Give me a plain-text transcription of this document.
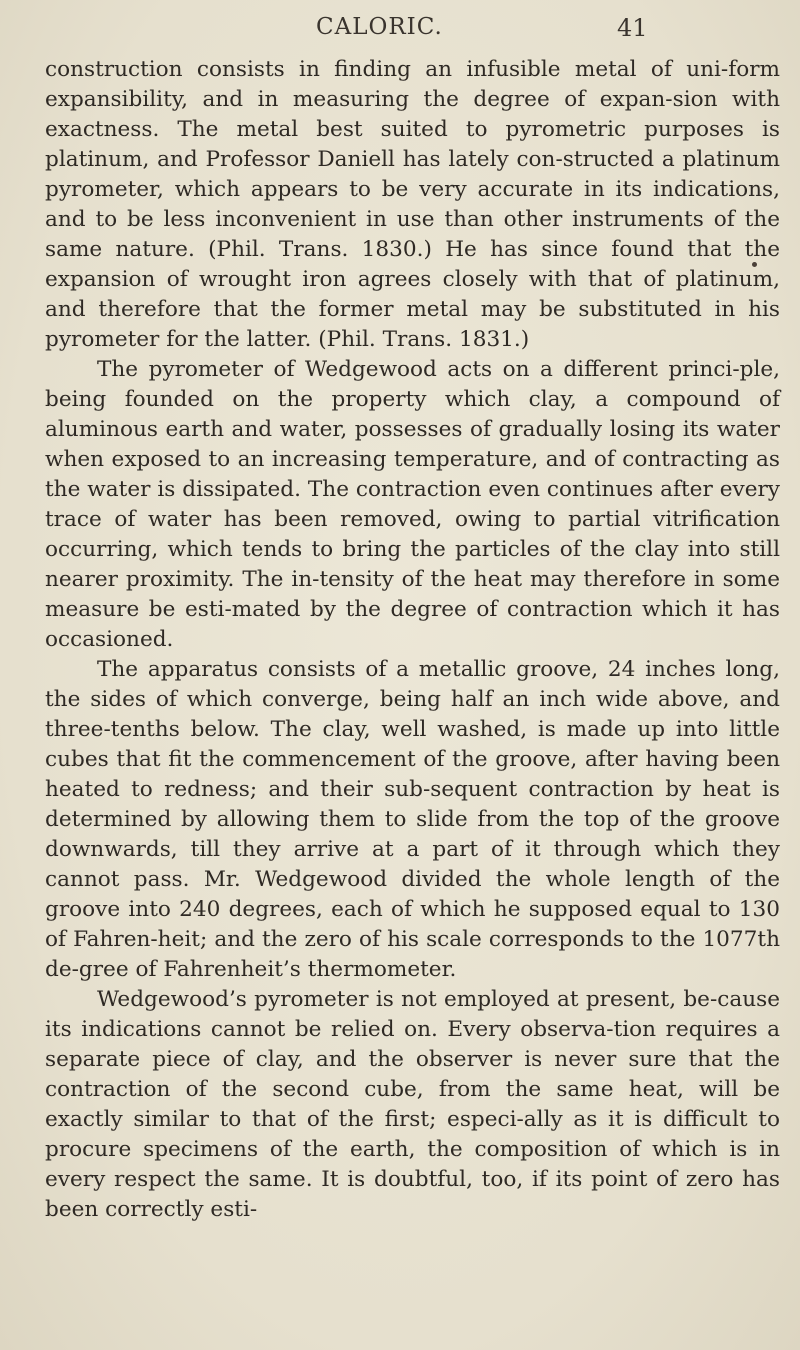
CALORIC.	41

construction consists in finding an infusible metal of uni-form expansibility, and in measuring the degree of expan-sion with exactness. The metal best suited to pyrometric purposes is platinum, and Professor Daniell has lately con-structed a platinum pyrometer, which appears to be very accurate in its indications, and to be less inconvenient in use than other instruments of the same nature. (Phil. Trans. 1830.) He has since found that the expansion of wrought iron agrees closely with that of platinum, and therefore that the former metal may be substituted in his pyrometer for the latter. (Phil. Trans. 1831.)

The pyrometer of Wedgewood acts on a different princi-ple, being founded on the property which clay, a compound of aluminous earth and water, possesses of gradually losing its water when exposed to an increasing temperature, and of contracting as the water is dissipated. The contraction even continues after every trace of water has been removed, owing to partial vitrification occurring, which tends to bring the particles of the clay into still nearer proximity. The in-tensity of the heat may therefore in some measure be esti-mated by the degree of contraction which it has occasioned.

The apparatus consists of a metallic groove, 24 inches long, the sides of which converge, being half an inch wide above, and three-tenths below. The clay, well washed, is made up into little cubes that fit the commencement of the groove, after having been heated to redness; and their sub-sequent contraction by heat is determined by allowing them to slide from the top of the groove downwards, till they arrive at a part of it through which they cannot pass. Mr. Wedgewood divided the whole length of the groove into 240 degrees, each of which he supposed equal to 130 of Fahren-heit; and the zero of his scale corresponds to the 1077th de-gree of Fahrenheit’s thermometer.

Wedgewood’s pyrometer is not employed at present, be-cause its indications cannot be relied on. Every observa-tion requires a separate piece of clay, and the observer is never sure that the contraction of the second cube, from the same heat, will be exactly similar to that of the first; especi-ally as it is difficult to procure specimens of the earth, the composition of which is in every respect the same. It is doubtful, too, if its point of zero has been correctly esti-
